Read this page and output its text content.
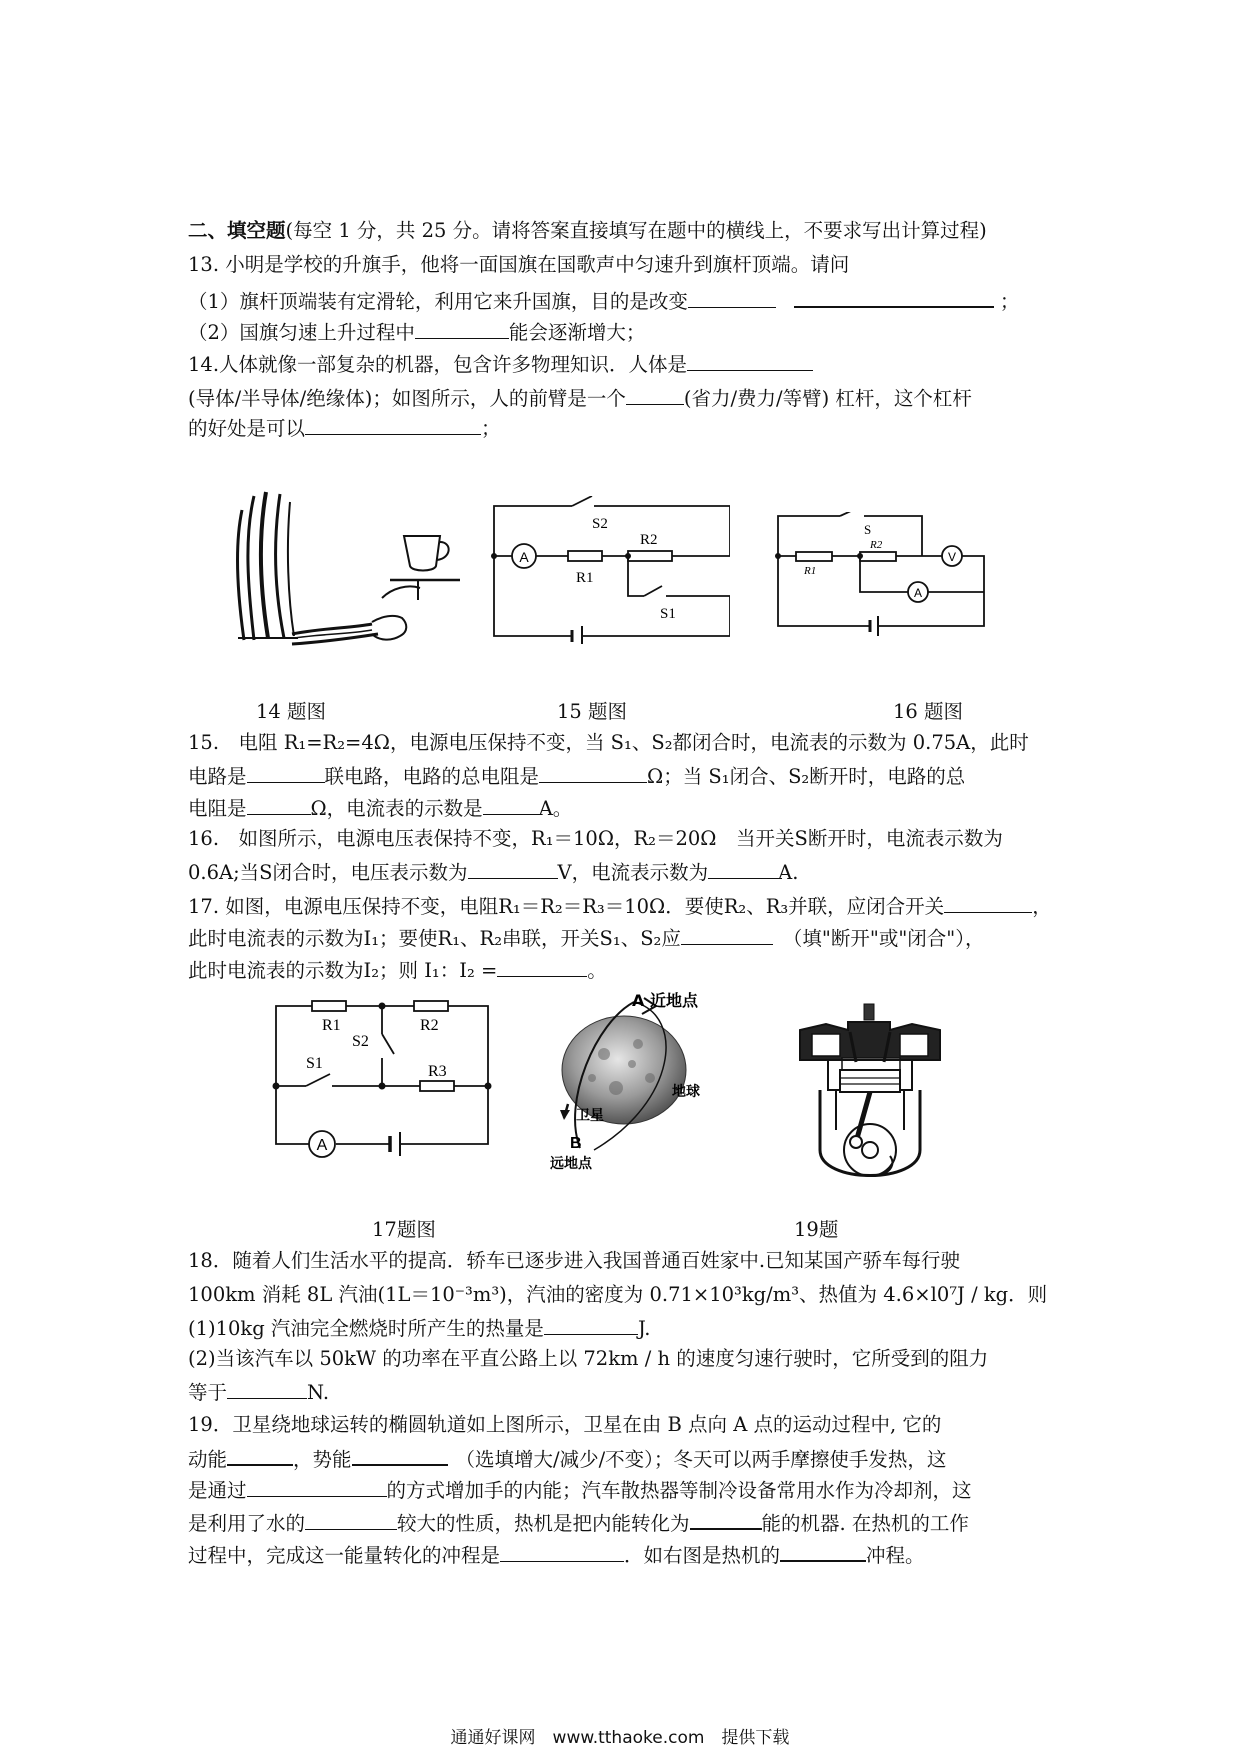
二、填空题(每空 1 分，共 25 分。请将答案直接填写在题中的横线上，不要求写出计算过程)
13. 小明是学校的升旗手，他将一面国旗在国歌声中匀速升到旗杆顶端。请问
（1）旗杆顶端装有定滑轮，利用它来升国旗，目的是改变	；
（2）国旗匀速上升过程中	能会逐渐增大；
14.人体就像一部复杂的机器，包含许多物理知识．人体是
(导体/半导体/绝缘体)；如图所示，人的前臂是一个	(省力/费力/等臂) 杠杆，这个杠杆
的好处是可以	；
A
S2
R2
R1
S1
S
R1
R2
V
A
14 题图	15 题图	16 题图
15.　电阻 R₁=R₂=4Ω，电源电压保持不变，当 S₁、S₂都闭合时，电流表的示数为 0.75A，此时
电路是	联电路，电路的总电阻是	Ω；当 S₁闭合、S₂断开时，电路的总
电阻是	Ω，电流表的示数是	A。
16.　如图所示，电源电压表保持不变，R₁＝10Ω，R₂＝20Ω　当开关S断开时，电流表示数为
0.6A;当S闭合时，电压表示数为	V，电流表示数为	A.
17. 如图，电源电压保持不变，电阻R₁＝R₂＝R₃＝10Ω．要使R₂、R₃并联，应闭合开关	，
此时电流表的示数为I₁；要使R₁、R₂串联，开关S₁、S₂应	（填"断开"或"闭合"），
此时电流表的示数为I₂；则 I₁：I₂ =	。
R1	R2
S2
S1	R3
A
A 近地点
卫星
地球
B
远地点
17题图	19题
18．随着人们生活水平的提高．轿车已逐步进入我国普通百姓家中.已知某国产骄车每行驶
100km 消耗 8L 汽油(1L＝10⁻³m³)，汽油的密度为 0.71×10³kg/m³、热值为 4.6×l0⁷J / kg．则
(1)10kg 汽油完全燃烧时所产生的热量是	J.
(2)当该汽车以 50kW 的功率在平直公路上以 72km / h 的速度匀速行驶时，它所受到的阻力
等于	N.
19．卫星绕地球运转的椭圆轨道如上图所示，卫星在由 B 点向 A 点的运动过程中, 它的
动能	，势能	（选填增大/减少/不变）；冬天可以两手摩擦使手发热，这
是通过	的方式增加手的内能；汽车散热器等制冷设备常用水作为冷却剂，这
是利用了水的	较大的性质，热机是把内能转化为	能的机器. 在热机的工作
过程中，完成这一能量转化的冲程是	．如右图是热机的	冲程。
通通好课网　www.tthaoke.com　提供下载
